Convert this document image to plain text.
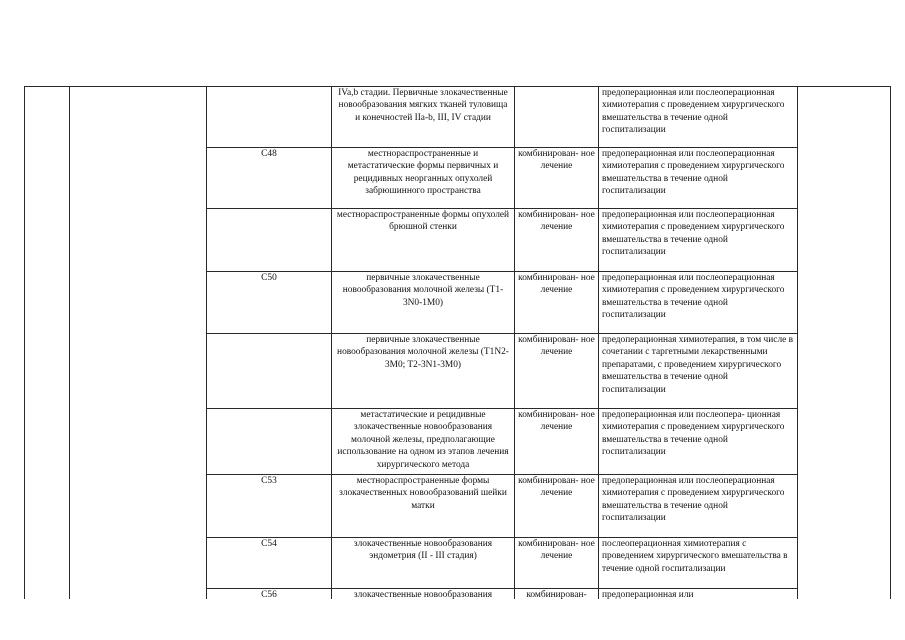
			IVa,b стадии. Первичные злокачественные новообразования мягких тканей туловища и конечностей IIa-b, III, IV стадии		предоперационная или послеоперационная химиотерапия с проведением хирургического вмешательства в течение одной госпитализации	
		C48	местнораспространенные и метастатические формы первичных и рецидивных неорганных опухолей забрюшинного пространства	комбинирован- ное лечение	предоперационная или послеоперационная химиотерапия с проведением хирургического вмешательства в течение одной госпитализации	
			местнораспространенные формы опухолей брюшной стенки	комбинирован- ное лечение	предоперационная или послеоперационная химиотерапия с проведением хирургического вмешательства в течение одной госпитализации	
		C50	первичные злокачественные новообразования молочной железы (T1-3N0-1M0)	комбинирован- ное лечение	предоперационная или послеоперационная химиотерапия с проведением хирургического вмешательства в течение одной госпитализации	
			первичные злокачественные новообразования молочной железы (T1N2-3M0; T2-3N1-3M0)	комбинирован- ное лечение	предоперационная химиотерапия, в том числе в сочетании с таргетными лекарственными препаратами, с проведением хирургического вмешательства в течение одной госпитализации	
			метастатические и рецидивные злокачественные новообразования молочной железы, предполагающие использование на одном из этапов лечения хирургического метода	комбинирован- ное лечение	предоперационная или послеопера- ционная химиотерапия с проведением хирургического вмешательства в течение одной госпитализации	
		C53	местнораспространенные формы злокачественных новообразований шейки матки	комбинирован- ное лечение	предоперационная или послеоперационная химиотерапия с проведением хирургического вмешательства в течение одной госпитализации	
		C54	злокачественные новообразования эндометрия (II - III стадия)	комбинирован- ное лечение	послеоперационная химиотерапия с проведением хирургического вмешательства в течение одной госпитализации	
		C56	злокачественные новообразования	комбинирован-	предоперационная или	
